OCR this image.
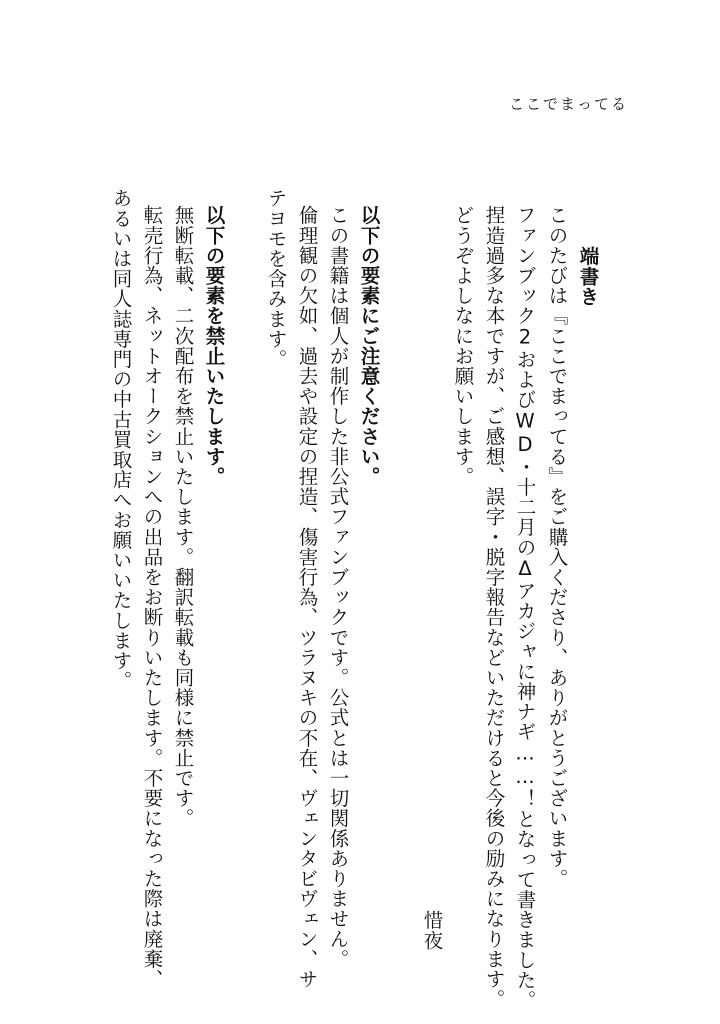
ここでまってる
端書き
このたびは『ここでまってる』をご購入くださり、ありがとうございます。
ファンブック2およびWD・十二月のΔアカジャに神ナギ……！となって書きました。
捏造過多な本ですが、ご感想、誤字・脱字報告などいただけると今後の励みになります。
どうぞよしなにお願いします。
惜夜
以下の要素にご注意ください。
この書籍は個人が制作した非公式ファンブックです。公式とは一切関係ありません。
倫理観の欠如、過去や設定の捏造、傷害行為、ツラヌキの不在、ヴェンタビヴェン、サ
テヨモを含みます。
以下の要素を禁止いたします。
無断転載、二次配布を禁止いたします。翻訳転載も同様に禁止です。
転売行為、ネットオークションへの出品をお断りいたします。不要になった際は廃棄、
あるいは同人誌専門の中古買取店へお願いいたします。
